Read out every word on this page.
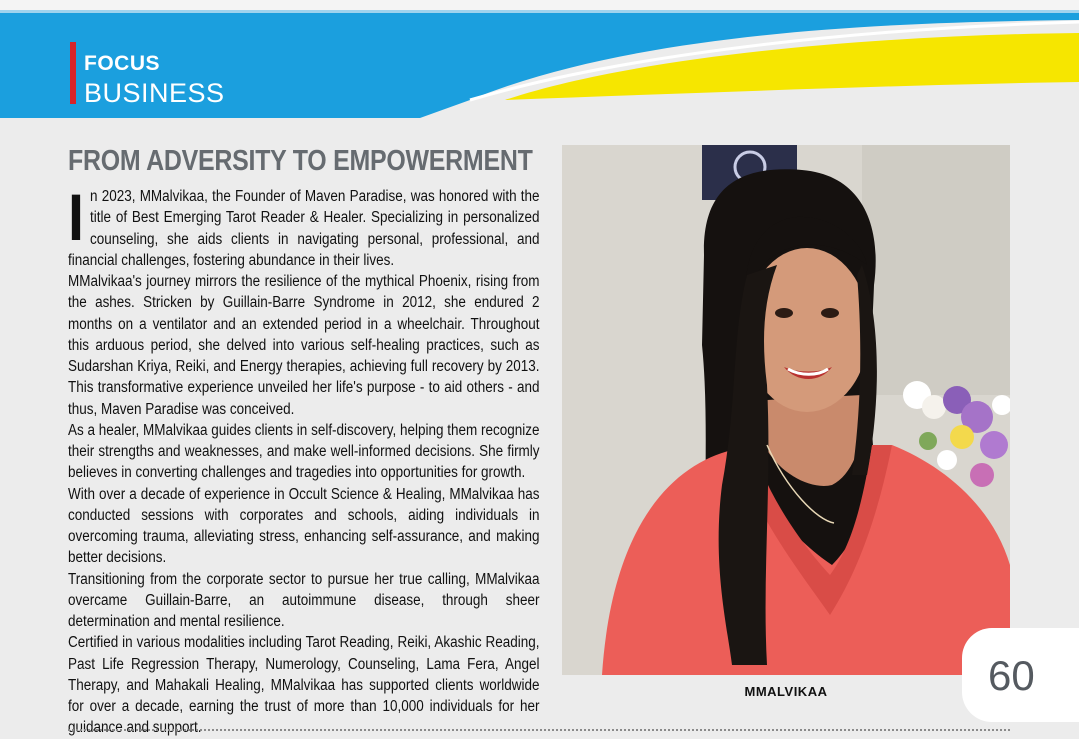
FOCUS
BUSINESS
FROM ADVERSITY TO EMPOWERMENT

In 2023, MMalvikaa, the Founder of Maven Paradise, was honored with the title of Best Emerging Tarot Reader & Healer. Specializing in personalized counseling, she aids clients in navigating personal, professional, and financial challenges, fostering abundance in their lives.

MMalvikaa's journey mirrors the resilience of the mythical Phoenix, rising from the ashes. Stricken by Guillain-Barre Syndrome in 2012, she endured 2 months on a ventilator and an extended period in a wheelchair. Throughout this arduous period, she delved into various self-healing practices, such as Sudarshan Kriya, Reiki, and Energy therapies, achieving full recovery by 2013. This transformative experience unveiled her life's purpose - to aid others - and thus, Maven Paradise was conceived.

As a healer, MMalvikaa guides clients in self-discovery, helping them recognize their strengths and weaknesses, and make well-informed decisions. She firmly believes in converting challenges and tragedies into opportunities for growth.

With over a decade of experience in Occult Science & Healing, MMalvikaa has conducted sessions with corporates and schools, aiding individuals in overcoming trauma, alleviating stress, enhancing self-assurance, and making better decisions.

Transitioning from the corporate sector to pursue her true calling, MMalvikaa overcame Guillain-Barre, an autoimmune disease, through sheer determination and mental resilience.

Certified in various modalities including Tarot Reading, Reiki, Akashic Reading, Past Life Regression Therapy, Numerology, Counseling, Lama Fera, Angel Therapy, and Mahakali Healing, MMalvikaa has supported clients worldwide for over a decade, earning the trust of more than 10,000 individuals for her guidance and support.

MMALVIKAA	60
